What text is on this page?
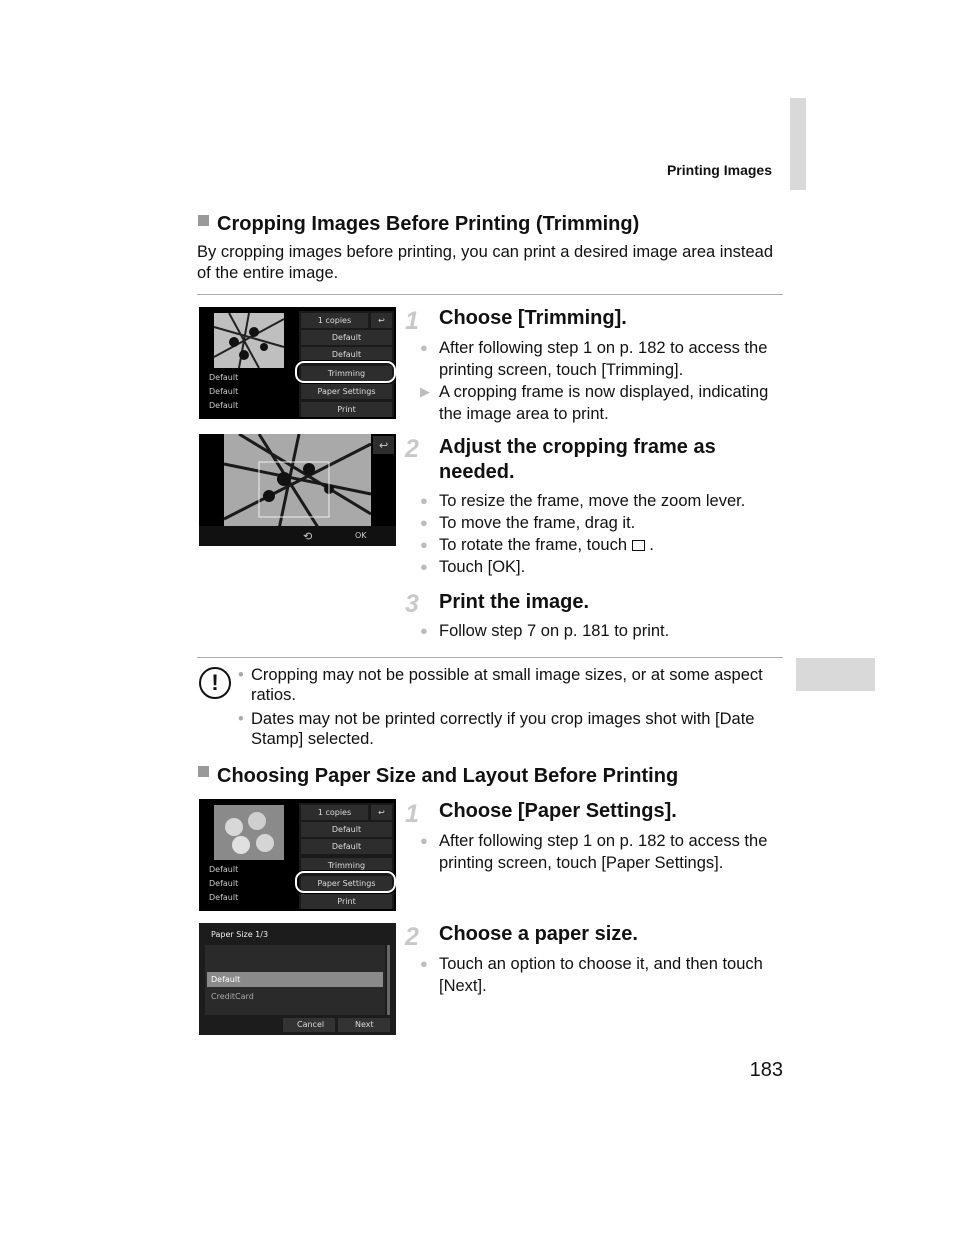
Printing Images
Cropping Images Before Printing (Trimming)
By cropping images before printing, you can print a desired image area instead of the entire image.
1 copies	↩
Default
Default
Trimming
Paper Settings
Print
Default
Default
Default
1 Choose [Trimming].
● After following step 1 on p. 182 to access the printing screen, touch [Trimming].
▶ A cropping frame is now displayed, indicating the image area to print.
↩
⟲	OK
2 Adjust the cropping frame as needed.
● To resize the frame, move the zoom lever.
● To move the frame, drag it.
● To rotate the frame, touch  .
● Touch [OK].
3 Print the image.
● Follow step 7 on p. 181 to print.
!	• Cropping may not be possible at small image sizes, or at some aspect ratios.
• Dates may not be printed correctly if you crop images shot with [Date Stamp] selected.
Choosing Paper Size and Layout Before Printing
1 copies	↩
Default
Default
Trimming
Paper Settings
Print
Default
Default
Default
1 Choose [Paper Settings].
● After following step 1 on p. 182 to access the printing screen, touch [Paper Settings].
Paper Size 1/3
Default
CreditCard
Cancel	Next
2 Choose a paper size.
● Touch an option to choose it, and then touch [Next].
183
